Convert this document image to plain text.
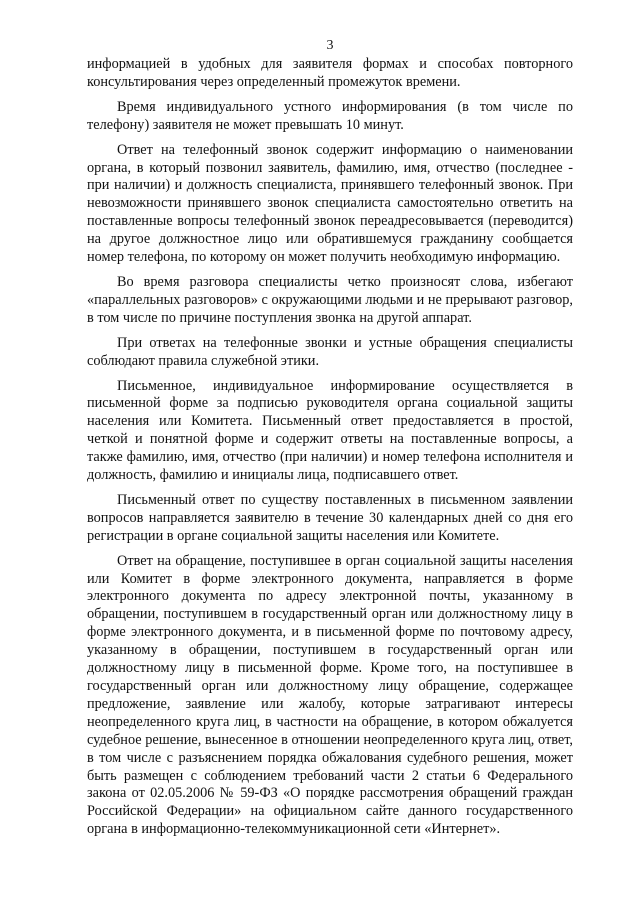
3

информацией в удобных для заявителя формах и способах повторного консультирования через определенный промежуток времени.

Время индивидуального устного информирования (в том числе по телефону) заявителя не может превышать 10 минут.

Ответ на телефонный звонок содержит информацию о наименовании органа, в который позвонил заявитель, фамилию, имя, отчество (последнее - при наличии) и должность специалиста, принявшего телефонный звонок. При невозможности принявшего звонок специалиста самостоятельно ответить на поставленные вопросы телефонный звонок переадресовывается (переводится) на другое должностное лицо или обратившемуся гражданину сообщается номер телефона, по которому он может получить необходимую информацию.

Во время разговора специалисты четко произносят слова, избегают «параллельных разговоров» с окружающими людьми и не прерывают разговор, в том числе по причине поступления звонка на другой аппарат.

При ответах на телефонные звонки и устные обращения специалисты соблюдают правила служебной этики.

Письменное, индивидуальное информирование осуществляется в письменной форме за подписью руководителя органа социальной защиты населения или Комитета. Письменный ответ предоставляется в простой, четкой и понятной форме и содержит ответы на поставленные вопросы, а также фамилию, имя, отчество (при наличии) и номер телефона исполнителя и должность, фамилию и инициалы лица, подписавшего ответ.

Письменный ответ по существу поставленных в письменном заявлении вопросов направляется заявителю в течение 30 календарных дней со дня его регистрации в органе социальной защиты населения или Комитете.

Ответ на обращение, поступившее в орган социальной защиты населения или Комитет в форме электронного документа, направляется в форме электронного документа по адресу электронной почты, указанному в обращении, поступившем в государственный орган или должностному лицу в форме электронного документа, и в письменной форме по почтовому адресу, указанному в обращении, поступившем в государственный орган или должностному лицу в письменной форме. Кроме того, на поступившее в государственный орган или должностному лицу обращение, содержащее предложение, заявление или жалобу, которые затрагивают интересы неопределенного круга лиц, в частности на обращение, в котором обжалуется судебное решение, вынесенное в отношении неопределенного круга лиц, ответ, в том числе с разъяснением порядка обжалования судебного решения, может быть размещен с соблюдением требований части 2 статьи 6 Федерального закона от 02.05.2006 № 59-ФЗ «О порядке рассмотрения обращений граждан Российской Федерации» на официальном сайте данного государственного органа в информационно-телекоммуникационной сети «Интернет».
